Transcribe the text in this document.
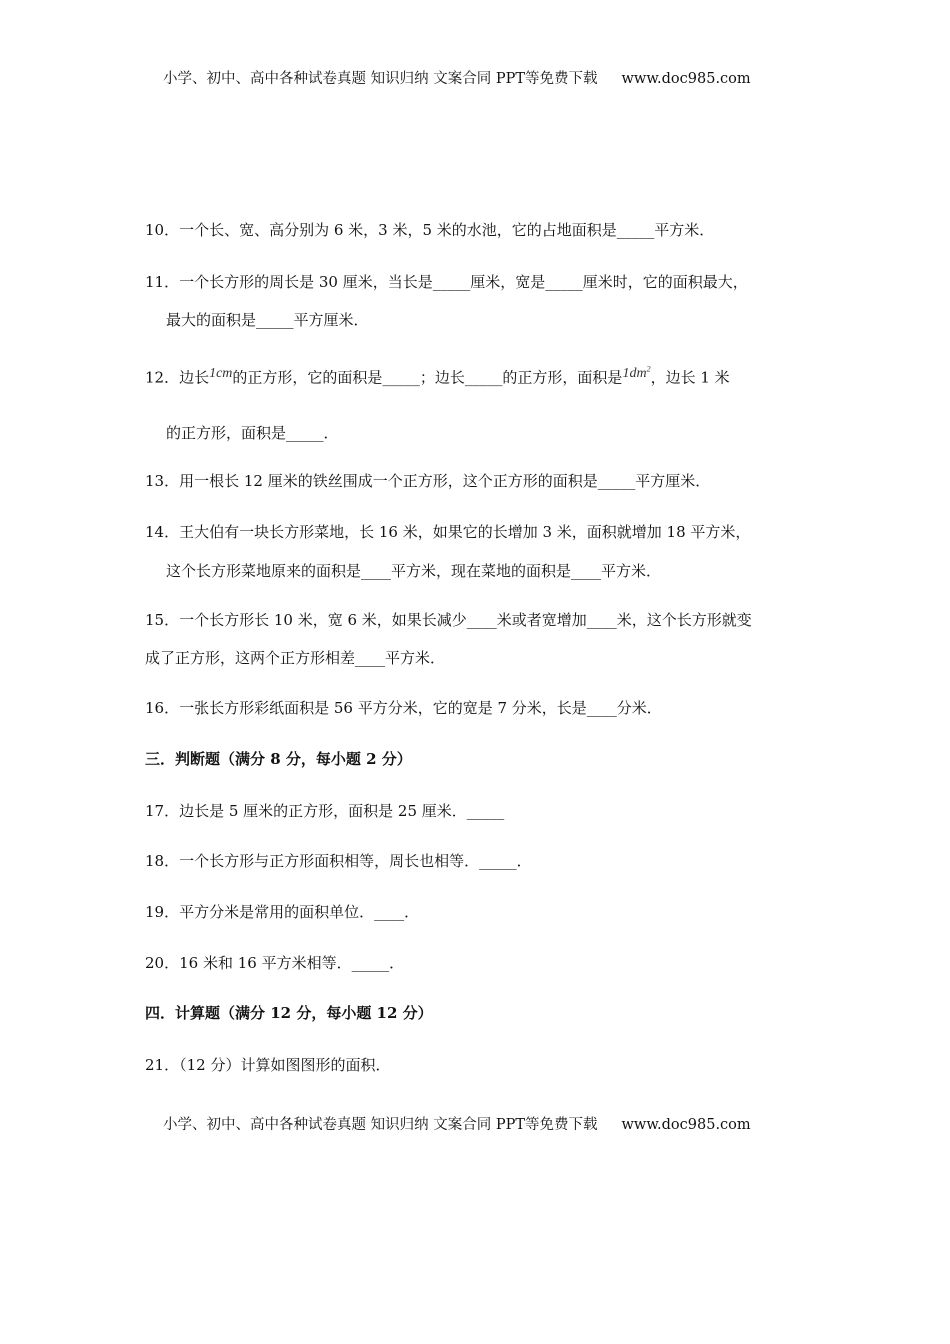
小学、初中、高中各种试卷真题 知识归纳 文案合同 PPT等免费下载 www.doc985.com
10．一个长、宽、高分别为 6 米，3 米，5 米的水池，它的占地面积是_____平方米．
11．一个长方形的周长是 30 厘米，当长是_____厘米，宽是_____厘米时，它的面积最大，
最大的面积是_____平方厘米．
12．边长1cm的正方形，它的面积是_____；边长_____的正方形，面积是$1dm^2$，边长 1 米
的正方形，面积是_____．
13．用一根长 12 厘米的铁丝围成一个正方形，这个正方形的面积是_____平方厘米．
14．王大伯有一块长方形菜地，长 16 米，如果它的长增加 3 米，面积就增加 18 平方米，
这个长方形菜地原来的面积是____平方米，现在菜地的面积是____平方米．
15．一个长方形长 10 米，宽 6 米，如果长减少____米或者宽增加____米，这个长方形就变
成了正方形，这两个正方形相差____平方米．
16．一张长方形彩纸面积是 56 平方分米，它的宽是 7 分米，长是____分米．
三．判断题（满分 8 分，每小题 2 分）
17．边长是 5 厘米的正方形，面积是 25 厘米．_____
18．一个长方形与正方形面积相等，周长也相等．_____．
19．平方分米是常用的面积单位．____．
20．16 米和 16 平方米相等．_____．
四．计算题（满分 12 分，每小题 12 分）
21．（12 分）计算如图图形的面积．
小学、初中、高中各种试卷真题 知识归纳 文案合同 PPT等免费下载 www.doc985.com
